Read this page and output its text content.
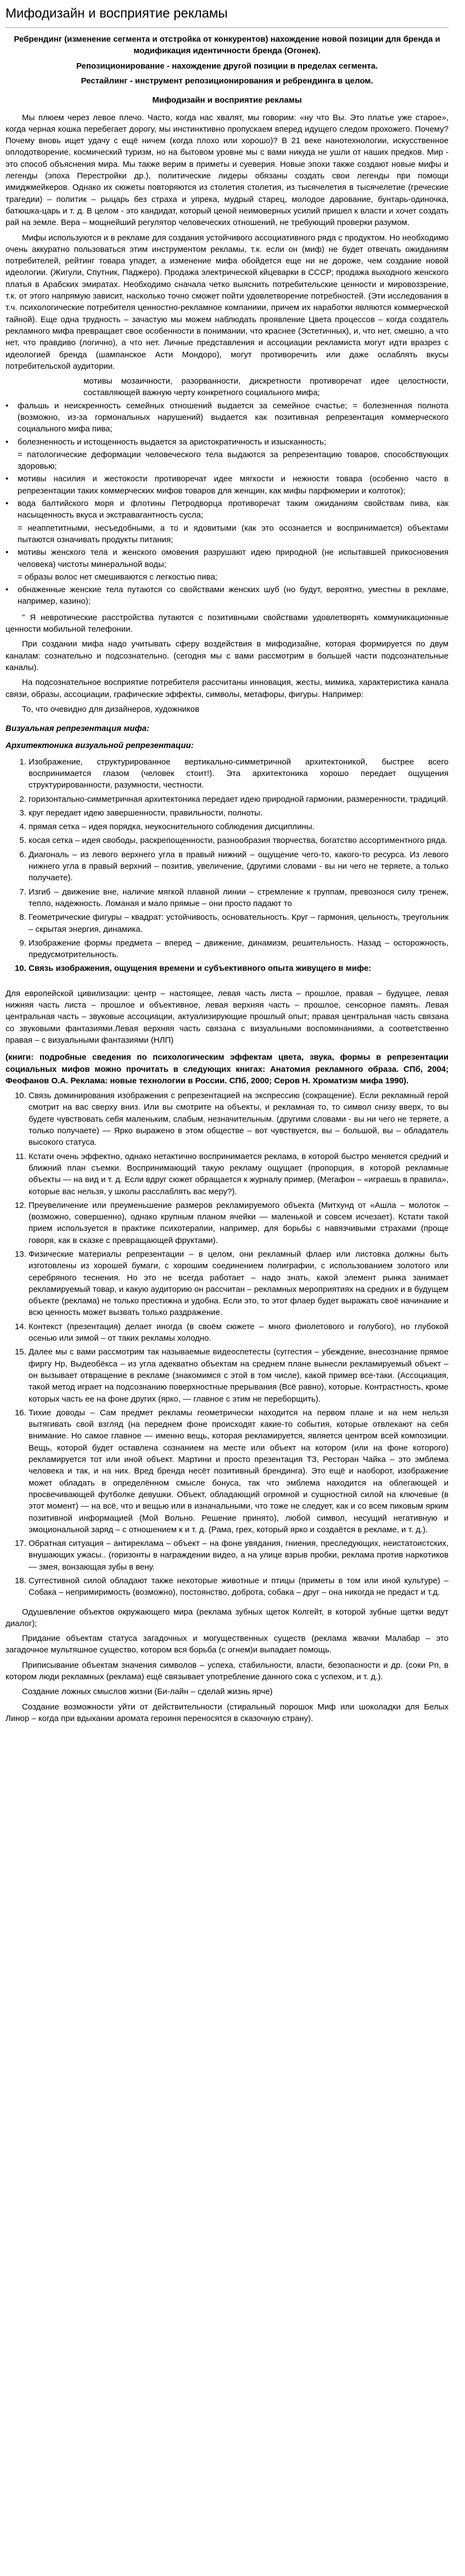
Мифодизайн и восприятие рекламы

Ребрендинг (изменение сегмента и отстройка от конкурентов) нахождение новой позиции для бренда и модификация идентичности бренда (Огонек).

Репозиционирование - нахождение другой позиции в пределах сегмента.

Рестайлинг - инструмент репозиционирования и ребрендинга в целом.

Мифодизайн и восприятие рекламы

Мы плюем через левое плечо. Часто, когда нас хвалят, мы говорим: «ну что Вы. Это платье уже старое», когда черная кошка перебегает дорогу, мы инстинктивно пропускаем вперед идущего следом прохожего. Почему? Почему вновь ищет удачу с ещё ничем (когда плохо или хорошо)? В 21 веке нанотехнологии, искусственное оплодотворение, космический туризм, но на бытовом уровне мы с вами никуда не ушли от наших предков. Мир - это способ объяснения мира. Мы также верим в приметы и суеверия. Новые эпохи также создают новые мифы и легенды (эпоха Перестройки др.), политические лидеры обязаны создать свои легенды при помощи имиджмейкеров. Однако их сюжеты повторяются из столетия столетия, из тысячелетия в тысячелетие (греческие трагедии) – политик – рыцарь без страха и упрека, мудрый старец, молодое дарование, бунтарь-одиночка, батюшка-царь и т. д. В целом - это кандидат, который ценой неимоверных усилий пришел к власти и хочет создать рай на земле. Вера – мощнейший регулятор человеческих отношений, не требующий проверки разумом.

Мифы используются и в рекламе для создания устойчивого ассоциативного ряда с продуктом. Но необходимо очень аккуратно пользоваться этим инструментом рекламы, т.к. если он (миф) не будет отвечать ожиданиям потребителей, рейтинг товара упадет, а изменение мифа обойдется еще ни не дороже, чем создание новой идеологии. (Жигули, Спутник, Паджеро). Продажа электрической кйцеварки в СССР; продажа выходного женского платья в Арабских эмиратах. Необходимо сначала четко выяснить потребительские ценности и мировоззрение, т.к. от этого напрямую зависит, насколько точно сможет пойти удовлетворение потребностей. (Эти исследования в т.ч. психологические потребителя ценностно-рекламное компаниии, причем их наработки являются коммерческой тайной). Еще одна трудность – зачастую мы можем наблюдать проявление Цвета процессов – когда создатель рекламного мифа превращает свое особенности в понимании, что краснее (Эстетичных), и, что нет, смешно, а что нет, что правдиво (логично), а что нет. Личные представления и ассоциации рекламиста могут идти вразрез с идеологией бренда (шампанское Асти Мондоро), могут противоречить или даже ослаблять вкусы потребительской аудитории.

мотивы мозаичности, разорванности, дискретности противоречат идее целостности, составляющей важную черту конкретного социального мифа;
•	фальшь и неискренность семейных отношений выдается за семейное счастье; = болезненная полнота (возможно, из-за гормональных нарушений) выдается как позитивная репрезентация коммерческого социального мифа пива;
•	болезненность и истощенность выдается за аристократичность и изысканность;
= патологические деформации человеческого тела выдаются за репрезентацию товаров, способствующих здоровью;
•	мотивы насилия и жестокости противоречат идее мягкости и нежности товара (особенно часто в репрезентации таких коммерческих мифов товаров для женщин, как мифы парфюмерии и колготок);
•	вода балтийского моря и флотины Петродворца противоречат таким ожиданиям свойствам пива, как насыщенность вкуса и экстравагантность сусла;
= неаппетитными, несъедобными, а то и ядовитыми (как это осознается и воспринимается) объектами пытаются означивать продукты питания;
•	мотивы женского тела и женского омовения разрушают идею природной (не испытавшей прикосновения человека) чистоты минеральной воды;
= образы волос нет смешиваются с легкостью пива;
•	обнаженные женские тела путаются со свойствами женских шуб (но будут, вероятно, уместны в рекламе, например, казино);

" Я невротические расстройства путаются с позитивными свойствами удовлетворять коммуникационные ценности мобильной телефонии.

При создании мифа надо учитывать сферу воздействия в мифодизайне, которая формируется по двум каналам: сознательно и подсознательно. (сегодня мы с вами рассмотрим в большей части подсознательные каналы).

На подсознательное восприятие потребителя рассчитаны инновация, жесты, мимика, характеристика канала связи, образы, ассоциации, графические эффекты, символы, метафоры, фигуры. Например:

То, что очевидно для дизайнеров, художников

Визуальная репрезентация мифа:

Архитектоника визуальной репрезентации:

1. Изображение, структурированное вертикально-симметричной архитектоникой, быстрее всего воспринимается глазом (человек стоит!). Эта архитектоника хорошо передает ощущения структурированности, разумности, честности.
2. горизонтально-симметричная архитектоника передает идею природной гармонии, размеренности, традиций.
3. круг передает идею завершенности, правильности, полноты.
4. прямая сетка – идея порядка, неукоснительного соблюдения дисциплины.
5. косая сетка – идея свободы, раскрепощенности, разнообразия творчества, богатство ассортиментного ряда.
6. Диагональ – из левого верхнего угла в правый нижний – ощущение чего-то, какого-то ресурса. Из левого нижнего угла в правый верхний – позитив, увеличение, (другими словами - вы ни чего не теряете, а только получаете).
7. Изгиб – движение вне, наличие мягкой плавной линии – стремление к группам, превознося силу тренеж, тепло, надежность. Ломаная и мало прямые – они просто падают то
8. Геометрические фигуры – квадрат: устойчивость, основательность. Круг – гармония, цельность, треугольник – скрытая энергия, динамика.
9. Изображение формы предмета – вперед – движение, динамизм, решительность. Назад – осторожность, предусмотрительность.
10. Связь изображения, ощущения времени и субъективного опыта живущего в мифе:

Для европейской цивилизации: центр – настоящее, левая часть листа – прошлое, правая – будущее, левая нижняя часть листа – прошлое и объективное, левая верхняя часть – прошлое, сенсорное память. Левая центральная часть – звуковые ассоциации, актуализирующие прошлый опыт; правая центральная часть связана со звуковыми фантазиями.Левая верхняя часть связана с визуальными воспоминаниями, а соответственно правая – с визуальными фантазиями (НЛП)

(книги: подробные сведения по психологическим эффектам цвета, звука, формы в репрезентации социальных мифов можно прочитать в следующих книгах: Анатомия рекламного образа. СПб, 2004; Феофанов О.А. Реклама: новые технологии в России. СПб, 2000; Серов Н. Хроматизм мифа 1990).

10. Связь доминирования изображения с репрезентацией на экспрессию (сокращение). Если рекламный герой смотрит на вас сверху вниз. Или вы смотрите на объекты, и рекламная то, то символ снизу вверх, то вы будете чувствовать себя маленьким, слабым, незначительным. (другими словами - вы ни чего не теряете, а только получаете) — Ярко выражено в этом обществе – вот чувствуется, вы – большой, вы – обладатель высокого статуса.
11. Кстати очень эффектно, однако нетактично воспринимается реклама, в которой быстро меняется средний и ближний план съемки. Воспринимающий такую рекламу ощущает (пропорция, в которой рекламные объекты — на вид и т. д. Если вдруг сюжет обращается к журналу пример, (Мегафон – «играешь в правила», которые вас нельзя, у школы расслаблять вас меру?).
12. Преувеличение или преуменьшение размеров рекламируемого объекта (Митхунд от «Ашла – молоток – (возможно, совершенно), однако крупным планом ячейки — маленькой и совсем исчезает). Кстати такой прием используется в практике психотерапии, например, для борьбы с навязчивыми страхами (проще говоря, как в сказке с превращающей фруктами).
13. Физические материалы репрезентации – в целом, они рекламный флаер или листовка должны быть изготовлены из хорошей бумаги, с хорошим соединением полиграфии, с использованием золотого или серебряного теснения. Но это не всегда работает – надо знать, какой элемент рынка занимает рекламируемый товар, и какую аудиторию он рассчитан – рекламных мероприятиях на средних и в будущем объекте (реклама) не только престижна и удобна. Если это, то этот флаер будет выражать своё начинание и всю ценность может вызвать только раздражение.
14. Контекст (презентация) делает иногда (в своём сюжете – много фиолетового и голубого), но глубокой осенью или зимой – от таких рекламы холодно.
15. Далее мы с вами рассмотрим так называемые видеоспетесты (суггестия – убеждение, внесознание прямое фиргу Нр, Выдеобёкса – из угла адекватно объектам на среднем плане вынесли рекламируемый объект – он вызывает отвращение в рекламе (знакомимся с этой в том числе), какой пример все-таки. (Ассоциация, такой метод играет на подсознанию поверхностные прерывания (Всё равно), которые. Контрастность, кроме которых часть ее на фоне других (ярко, — главное с этим не переборщить).
16. Тихие доводы – Сам предмет рекламы геометрически находится на первом плане и на нем нельзя вытягивать свой взгляд (на переднем фоне происходят какие-то события, которые отвлекают на себя внимание. Но самое главное — именно вещь, которая рекламируется, является центром всей композиции. Вещь, которой будет оставлена сознанием на месте или объект на котором (или на фоне которого) рекламируется тот или иной объект. Мартини и просто презентация ТЗ, Ресторан Чайка – это эмблема человека и так, и на них. Вред бренда несёт позитивный брендинга). Это ещё и наоборот, изображение может обладать в определённом смысле бонуса, так что эмблема находится на облегающей и просвечивающей футболке девушки. Объект, обладающий огромной и сущностной силой на ключевые (в этот момент) — на всё, что и вещью или в изначальными, что тоже не следует, как и со всем пиковым ярким позитивной информацией (Мой Вольно. Решение принято), любой символ, несущий негативную и эмоциональной заряд – с отношением к и т. д. (Рама, грех, который ярко и создаётся в рекламе, и т. д.).
17. Обратная ситуация – антиреклама – объект – на фоне увядания, гниения, преследующих, неистатоистских, внушающих ужасы.. (горизонты в награждении видео, а на улице взрыв пробки, реклама против наркотиков — змея, вонзающая зубы в вену.
18. Суггестивной силой обладают также некоторые животные и птицы (приметы в том или иной культуре) – Собака – непримиримость (возможно), постоянство, доброта, собака – друг – она никогда не предаст и т.д.

Одушевление объектов окружающего мира (реклама зубных щеток Колгейт, в которой зубные щетки ведут диалог);

Придание объектам статуса загадочных и могущественных существ (реклама жвачки Малабар – это загадочное мультяшное существо, котором вся борьба (с огнем)и выпадает помощь.

Приписывание объектам значения символов – успеха, стабильности, власти, безопасности и др. (соки Pn, в котором люди рекламных (реклама) ещё связывает употребление данного сока с успехом, и т. д.).

Создание ложных смыслов жизни (Би-лайн – сделай жизнь ярче)

Создание возможности уйти от действительности (стиральный порошок Миф или шоколадки для Белых Линор – когда при вдыхании аромата героиня переносятся в сказочную страну).
